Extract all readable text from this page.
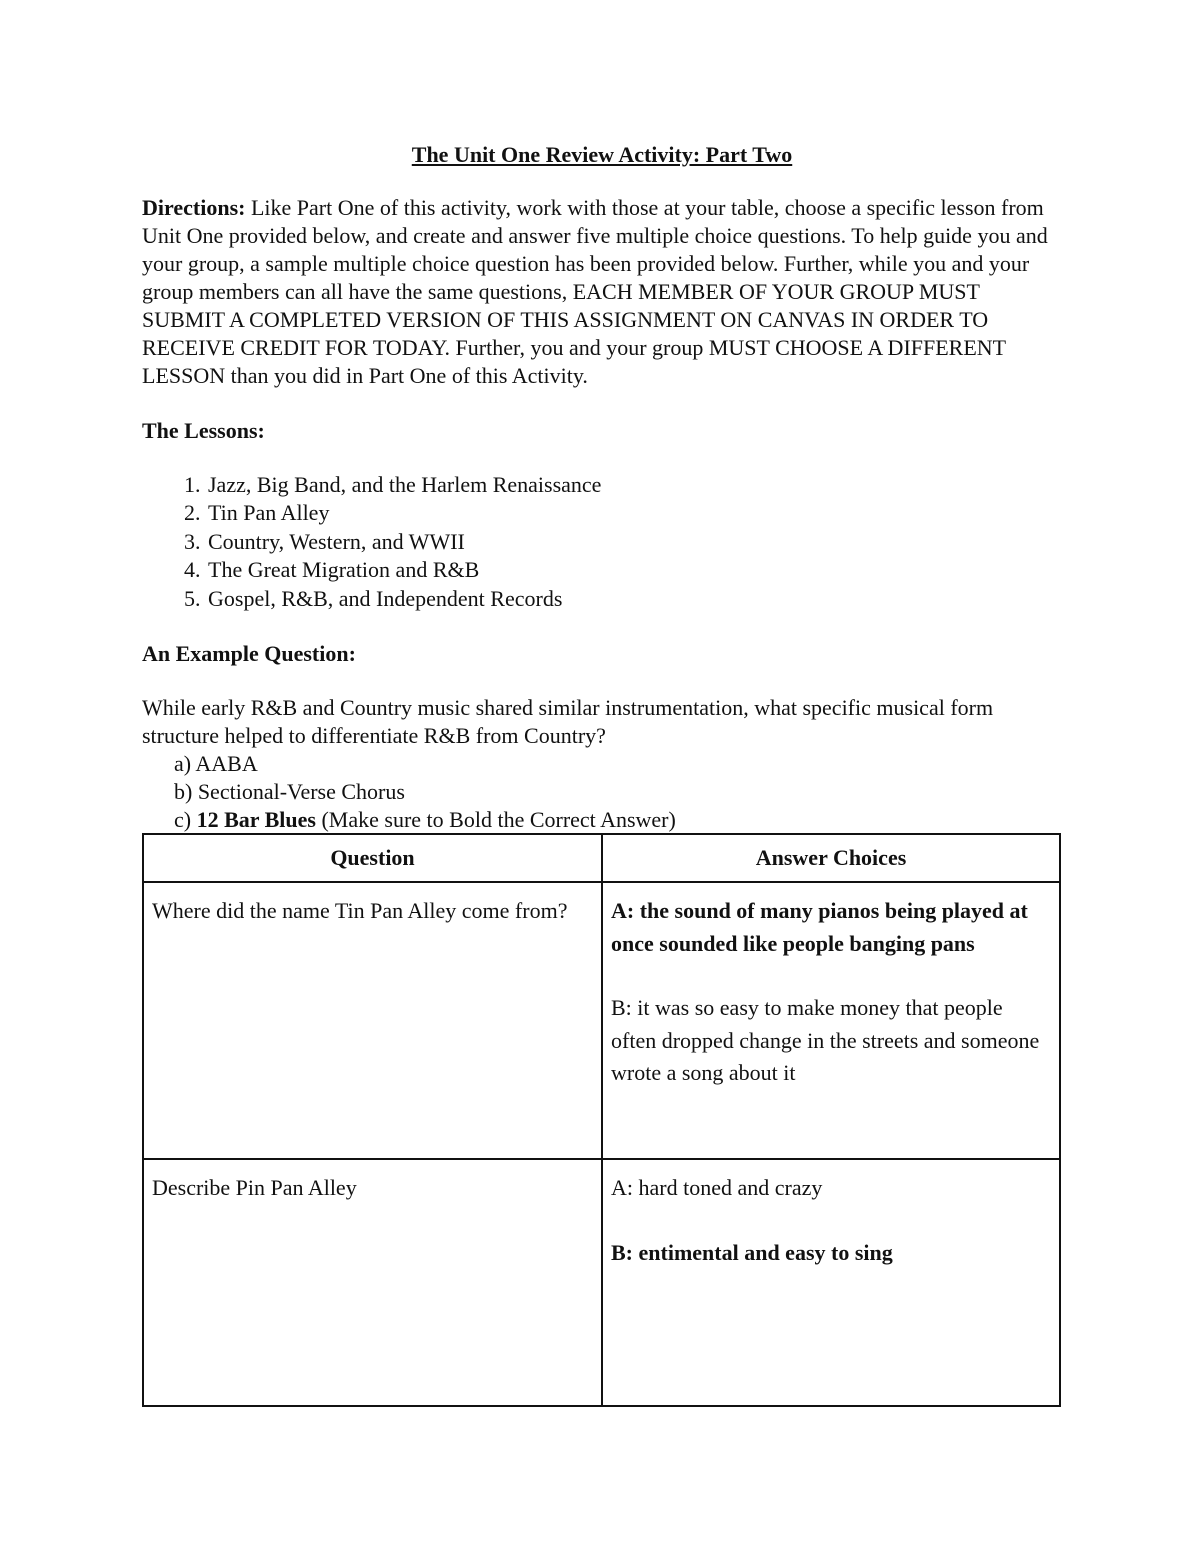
The Unit One Review Activity: Part Two

Directions: Like Part One of this activity, work with those at your table, choose a specific lesson from Unit One provided below, and create and answer five multiple choice questions. To help guide you and your group, a sample multiple choice question has been provided below. Further, while you and your group members can all have the same questions, EACH MEMBER OF YOUR GROUP MUST SUBMIT A COMPLETED VERSION OF THIS ASSIGNMENT ON CANVAS IN ORDER TO RECEIVE CREDIT FOR TODAY. Further, you and your group MUST CHOOSE A DIFFERENT LESSON than you did in Part One of this Activity.

The Lessons:

1. Jazz, Big Band, and the Harlem Renaissance
2. Tin Pan Alley
3. Country, Western, and WWII
4. The Great Migration and R&B
5. Gospel, R&B, and Independent Records

An Example Question:

While early R&B and Country music shared similar instrumentation, what specific musical form structure helped to differentiate R&B from Country?

a) AABA
b) Sectional-Verse Chorus
c) 12 Bar Blues (Make sure to Bold the Correct Answer)
Question	Answer Choices
Where did the name Tin Pan Alley come from?	A: the sound of many pianos being played at once sounded like people banging pans

B: it was so easy to make money that people often dropped change in the streets and someone wrote a song about it

Describe Pin Pan Alley	A: hard toned and crazy

B: entimental and easy to sing
